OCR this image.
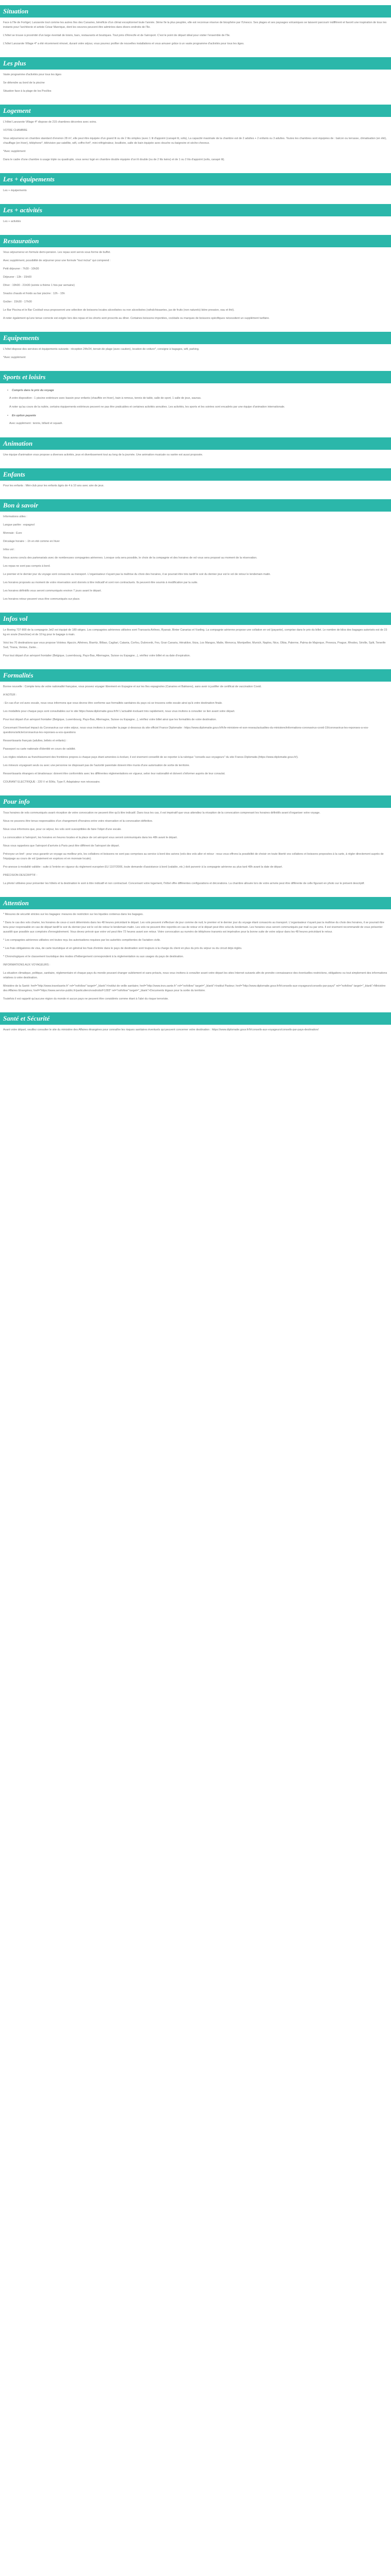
Situation

Face à l'île de Fortigel, Lanzarote tout comme les autres îles des Canaries, bénéficie d'un climat exceptionnel toute l'année. 3ème île la plus peuplée, elle est reconnue réserve de biosphère par l'Unesco. Ses plages et ses paysages volcaniques se laissent parcourir indifférent et favorit une inspiration de tous les instants pour l'architecte et artiste César Manrique, dont les oeuvres peuvent être admirées dans divers endroits de l'île.

L'hôtel se trouve à proximité d'un large éventail de loisirs, bars, restaurants et boutiques. Tout près d'Arrecife et de l'aéroport. C'est le point de départ idéal pour visiter l'ensemble de l'île.

L'hôtel Lanzarote Village 4* a été récemment rénové, durant votre séjour, vous pourrez profiter de nouvelles installations et vous amuser grâce à un vaste programme d'activités pour tous les âges.

Les plus

Vaste programme d'activités pour tous les âges

Se détendre au bord de la piscine

Situation face à la plage de los Pocillos

Logement

L'Hôtel Lanzarote Village 4* dispose de 215 chambres décorées avec soins.

VOTRE CHAMBRE

Vous séjournerez en chambre standard d'environ 28 m², elle peut être équipée d'un grand lit ou de 2 lits simples (avec 1 lit d'appoint (canapé lit, sofa), La capacité maximale de la chambre est de 2 adultes + 2 enfants ou 3 adultes. Toutes les chambres sont équipées de : balcon ou terrasse, climatisation (en été), chauffage (en hiver), téléphone*, télévision par satellite, wifi, coffre-fort*, mini-réfrigérateur, bouilloire, salle de bain équipée avec douche ou baignoire et sèche-cheveux.

*Avec supplément

Dans le cadre d'une chambre à usage triple ou quadruple, vous serez logé en chambre double équipée d'un lit double (ou de 2 lits twins) et de 1 ou 2 lits d'appoint (sofa, canapé lit).

Les + équipements

Les + équipements

Les + activités

Les + activités

Restauration

Vous séjournerez en formule demi-pension. Les repas sont servis sous forme de buffet.

Avec supplément, possibilité de séjourner pour une formule "tout inclus" qui comprend :

Petit déjeuner : 7h30 - 10h30

Déjeuner : 13h - 15h00

Dîner : 19h00 - 21h30 (soirée à thème 1 fois par semaine)

Snacks chauds et froids au bar piscine : 12h - 15h

Goûter : 15h30 - 17h00

Le Bar Piscina et le Bar Cocktail vous proposeront une sélection de boissons locales alcoolisées ou non alcoolisées (rafraîchissantes, jus de fruits (non naturels) bière pression, eau et thé).

A noter également qu'une tenue correcte est exigée lors des repas et les shorts sont proscrits au dîner. Certaines boissons importées, cocktails ou marques de boissons spécifiques nécessitent un supplément tarifaire.

Equipements

L'hôtel dispose des services et équipements suivants : réception 24h/24, terrain de plage (avec caution), location de voiture*, consigne à bagages, wifi, parking.

*Avec supplément

Sports et loisirs
•	Compris dans le prix du voyage

A votre disposition : 1 piscine extérieure avec bassin pour enfants (chauffée en hiver), bain à remous, tennis de table, salle de sport, 1 salle de jeux, saunas.

A noter qu'au cours de la nuitée, certains équipements extérieurs peuvent ne pas être praticables et certaines activités annulées. Les activités, les sports et les soirées sont encadrés par une équipe d'animation internationale.

•	En option payante

Avec supplément : tennis, billard et squash.

Animation

Une équipe d'animation vous propose a diverses activités, jeux et divertissement tout au long de la journée. Une animation musicale ou variée est aussi proposée.

Enfants

Pour les enfants : Mini-club pour les enfants âgés de 4 à 10 ans avec aire de jeux.

Bon à savoir

Informations utiles :

Langue parlée : espagnol

Monnaie : Euro

Décalage horaire : -1h en été comme en hiver

Infos vol :

Nous avons conclu des partenariats avec de nombreuses compagnies aériennes. Lorsque cela sera possible, le choix de la compagnie et des horaires de vol vous sera proposé au moment de la réservation.

Les repas ne sont pas compris à bord.

Le premier et le dernier jour du voyage sont consacrés au transport. L'organisateur n'ayant pas la maîtrise du choix des horaires, il se pourrait être très tardif le soir du dernier jour est le vol de retour le lendemain matin.

Les horaires proposés au moment de votre réservation sont donnés à titre indicatif et sont non contractuels. Ils peuvent être soumis à modification par la suite.

Les horaires définitifs vous seront communiqués environ 7 jours avant le départ.

Les horaires retour peuvent vous être communiqués sur place.

Infos vol

Le Boeing 737-800 de la compagnie Jet2 est équipé de 189 sièges. Les compagnies aériennes utilisées sont Transavia Airlines, Ryanair, Binter Canarias et Vueling. La compagnie aérienne propose une collation en vol (payante), comprise dans le prix du billet. Le nombre de kilos des bagages autorisés est de 23 kg en soute (franchise) et de 10 kg pour le bagage à main.

Voici les 70 destinations que vous propose Volotea: Ajaccio, Athènes, Biarritz, Bilbao, Cagliari, Catania, Corfou, Dubrovnik, Fes, Gran Canaria, Héraklion, Ibiza, Los Mangos, Malte, Menorca, Montpellier, Munich, Naples, Nice, Olbia, Palerme, Palma de Majorque, Preveza, Prague, Rhodes, Séville, Split, Tenerife Sud, Tirana, Venise, Zante...

Pour tout départ d'un aéroport frontalier (Belgique, Luxembourg, Pays-Bas, Allemagne, Suisse ou Espagne...), vérifiez votre billet et sa date d'expiration.

Formalités

Bonne nouvelle : Compte tenu de votre nationalité française, vous pouvez voyager librement en Espagne et sur les îles espagnoles (Canaries et Baléares), sans avoir à justifier de certificat de vaccination Covid.

A NOTER :

- En cas d'un vol avec escale, nous vous informons que vous devrez être conforme aux formalités sanitaires du pays où se trouvera cette escale ainsi qu'à votre destination finale.

Les modalités pour chaque pays sont consultables sur le site https://www.diplomatie.gouv.fr/fr/ L'actualité évoluant très rapidement, nous vous invitons à consulter ce lien avant votre départ.

Pour tout départ d'un aéroport frontalier (Belgique, Luxembourg, Pays-Bas, Allemagne, Suisse ou Espagne...), vérifiez votre billet ainsi que les formalités de votre destination.

Concernant l'éventuel impact du Coronavirus sur votre séjour, nous vous invitons à consulter la page ci-dessous du site officiel France Diplomatie : https://www.diplomatie.gouv.fr/fr/le-ministere-et-son-reseau/actualites-du-ministere/informations-coronavirus-covid-19/coronavirus-les-reponses-a-vos-questions/article/coronavirus-les-reponses-a-vos-questions

Ressortissants français (adultes, bébés et enfants) :

Passeport ou carte nationale d'identité en cours de validité.

Les règles relatives au franchissement des frontières propres à chaque pays étant amenées à évoluer, il est vivement conseillé de se reporter à la rubrique "conseils aux voyageurs" du site France.Diplomatie.(https://www.diplomatie.gouv.fr/).

Les mineurs voyageant seuls ou avec une personne ne disposant pas de l'autorité parentale doivent être munis d'une autorisation de sortie de territoire.

Ressortissants étrangers et binationaux: doivent être conformités avec les différentes réglementations en vigueur, selon leur nationalité et doivent s'informer auprès de leur consulat.

COURANT ELECTRIQUE : 220 V et 50Hz, Type F, Adaptateur non nécessaire.

Pour info

Tous horaires de vols communiqués avant réception de votre convocation ne peuvent être qu'à titre indicatif. Dans tous les cas, il est impératif que vous attendiez la réception de la convocation comprenant les horaires définitifs avant d'organiser votre voyage.

Nous ne pouvons être tenus responsables d'un changement d'horaires entre votre réservation et la convocation définitive.

Nous vous informons que, pour ce séjour, les vols sont susceptibles de faire l'objet d'une escale.

La convocation à l'aéroport, les horaires en heures locales et la place de cet aéroport vous seront communiqués dans les 48h avant le départ.

Nous vous rappelons que l'aéroport d'arrivée à Paris peut être différent de l'aéroport de départ.

Prévoyez un bref : pour vous garantir un voyage au meilleur prix, les collations et boissons ne sont pas comprises au service à bord des avions (vols des vols aller et retour : nous vous offrons la possibilité de choisir en toute liberté vos collations et boissons proposées à la carte, à régler directement auprès de l'équipage au cours de vol (paiement en espèces et en monnaie locale).

Pro-anesse à modalité validée : suite à l'entrée en vigueur du règlement européen EU 1107/2006, toute demande d'assistance à bord (valable, etc.) doit parvenir à la compagnie aérienne au plus tard 48h avant la date de départ.

PRÉCISION DESCRIPTIF :

La photo/ utilisées pour présenter les hôtels et la destination le sont à titre indicatif et non contractuel. Concernant votre logement, l'hôtel offre différentes configurations et décorations. La chambre allouée lors de votre arrivée peut être différente de celle figurant en photo sur le présent descriptif.

Attention

* Mesures de sécurité strictes sur les bagages: mesures de restriction sur les liquides contenus dans les bagages.

* Dans le cas des vols charter, les horaires de ceux-ci sont déterminés dans les 48 heures précédant le départ. Les vols peuvent s'effectuer de jour comme de nuit; le premier et le dernier jour du voyage étant consacrés au transport. L'organisateur n'ayant pas la maîtrise du choix des horaires, il se pourrait être tenu pour responsable en cas de départ tardif le soir du dernier jour est le vol de retour le lendemain matin. Les vols ne peuvent être reportés en cas de retour et le départ peut être celui du lendemain. Les horaires vous seront communiqués par mail ou par sms. Il est vivement recommandé de vous présenter aussitôt que possible aux comptoirs d'enregistrement. Vous devez prévoir que votre vol peut être 72 heures avant son retour. Votre convocation au numéro de téléphone transmis est impérative pour la bonne suite de votre séjour dans les 48 heures précédant le retour.

* Les compagnies aériennes utilisées ont toutes reçu les autorisations requises par les autorités compétentes de l'aviation civile.

* Les frais obligatoires de visa, de carte touristique et en général les frais d'entrée dans le pays de destination sont toujours à la charge du client en plus du prix du séjour ou du circuit déjà réglés.

* Chronologiques et le classement touristique des modes d'hébergement correspondent à la réglementation ou aux usages du pays de destination.

INFORMATIONS AUX VOYAGEURS :

La situation climatique, politique, sanitaire, réglementaire et chaque pays du monde pouvant changer subitement et sans préavis, nous vous invitons à consulter avant votre départ les sites Internet suivants afin de prendre connaissance des éventuelles restrictions, obligations ou tout simplement des informations relatives à votre destination.

Ministère de la Santé: href="http://www.travelsante.fr" rel="nofollow" target="_blank">Institut de veille sanitaire; href="http://www.invs.sante.fr" rel="nofollow" target="_blank">Institut Pasteur; href="http://www.diplomatie.gouv.fr/fr/conseils-aux-voyageurs/conseils-par-pays/" rel="nofollow" target="_blank">Ministère des Affaires Etrangères; href="https://www.service-public.fr/particuliers/vosdroits/F1283" rel="nofollow" target="_blank">Documents légaux pour la sortie du territoire.

Toutefois il est rappelé qu'aucune région du monde ni aucun pays ne peuvent être considérés comme étant à l'abri du risque terroriste.

Santé et Sécurité

Avant votre départ, veuillez consulter le site du ministère des Affaires étrangères pour connaître les risques sanitaires éventuels qui peuvent concerner votre destination : https://www.diplomatie.gouv.fr/fr/conseils-aux-voyageurs/conseils-par-pays-destination/
